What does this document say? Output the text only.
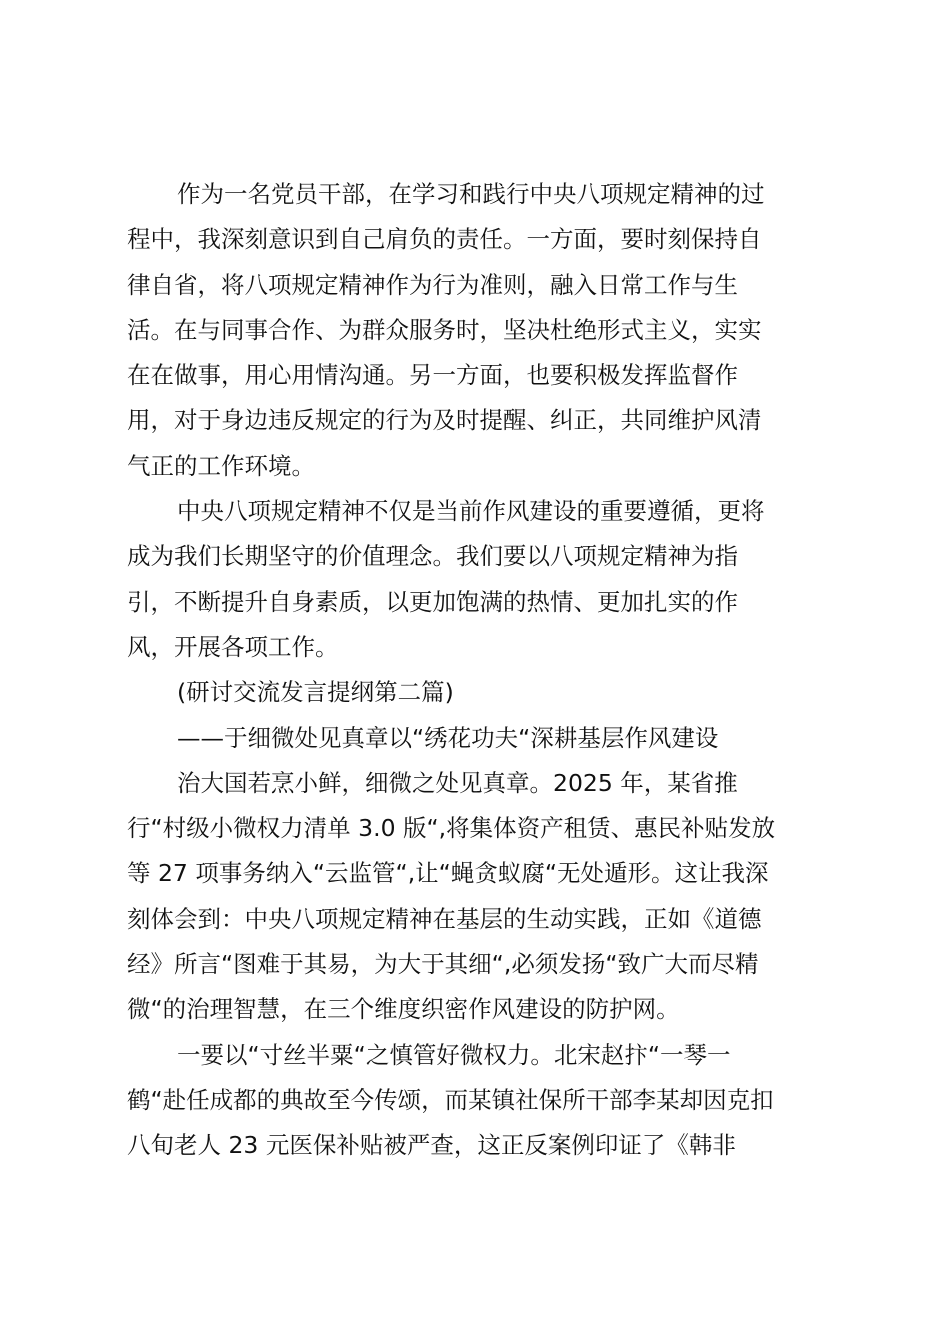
作为一名党员干部，在学习和践行中央八项规定精神的过
程中，我深刻意识到自己肩负的责任。一方面，要时刻保持自
律自省，将八项规定精神作为行为准则，融入日常工作与生
活。在与同事合作、为群众服务时，坚决杜绝形式主义，实实
在在做事，用心用情沟通。另一方面，也要积极发挥监督作
用，对于身边违反规定的行为及时提醒、纠正，共同维护风清
气正的工作环境。
中央八项规定精神不仅是当前作风建设的重要遵循，更将
成为我们长期坚守的价值理念。我们要以八项规定精神为指
引，不断提升自身素质，以更加饱满的热情、更加扎实的作
风，开展各项工作。
(研讨交流发言提纲第二篇)
——于细微处见真章以“绣花功夫“深耕基层作风建设
治大国若烹小鲜，细微之处见真章。2025 年，某省推
行“村级小微权力清单 3.0 版“,将集体资产租赁、惠民补贴发放
等 27 项事务纳入“云监管“,让“蝇贪蚁腐“无处遁形。这让我深
刻体会到：中央八项规定精神在基层的生动实践，正如《道德
经》所言“图难于其易，为大于其细“,必须发扬“致广大而尽精
微“的治理智慧，在三个维度织密作风建设的防护网。
一要以“寸丝半粟“之慎管好微权力。北宋赵抃“一琴一
鹤“赴任成都的典故至今传颂，而某镇社保所干部李某却因克扣
八旬老人 23 元医保补贴被严查，这正反案例印证了《韩非
